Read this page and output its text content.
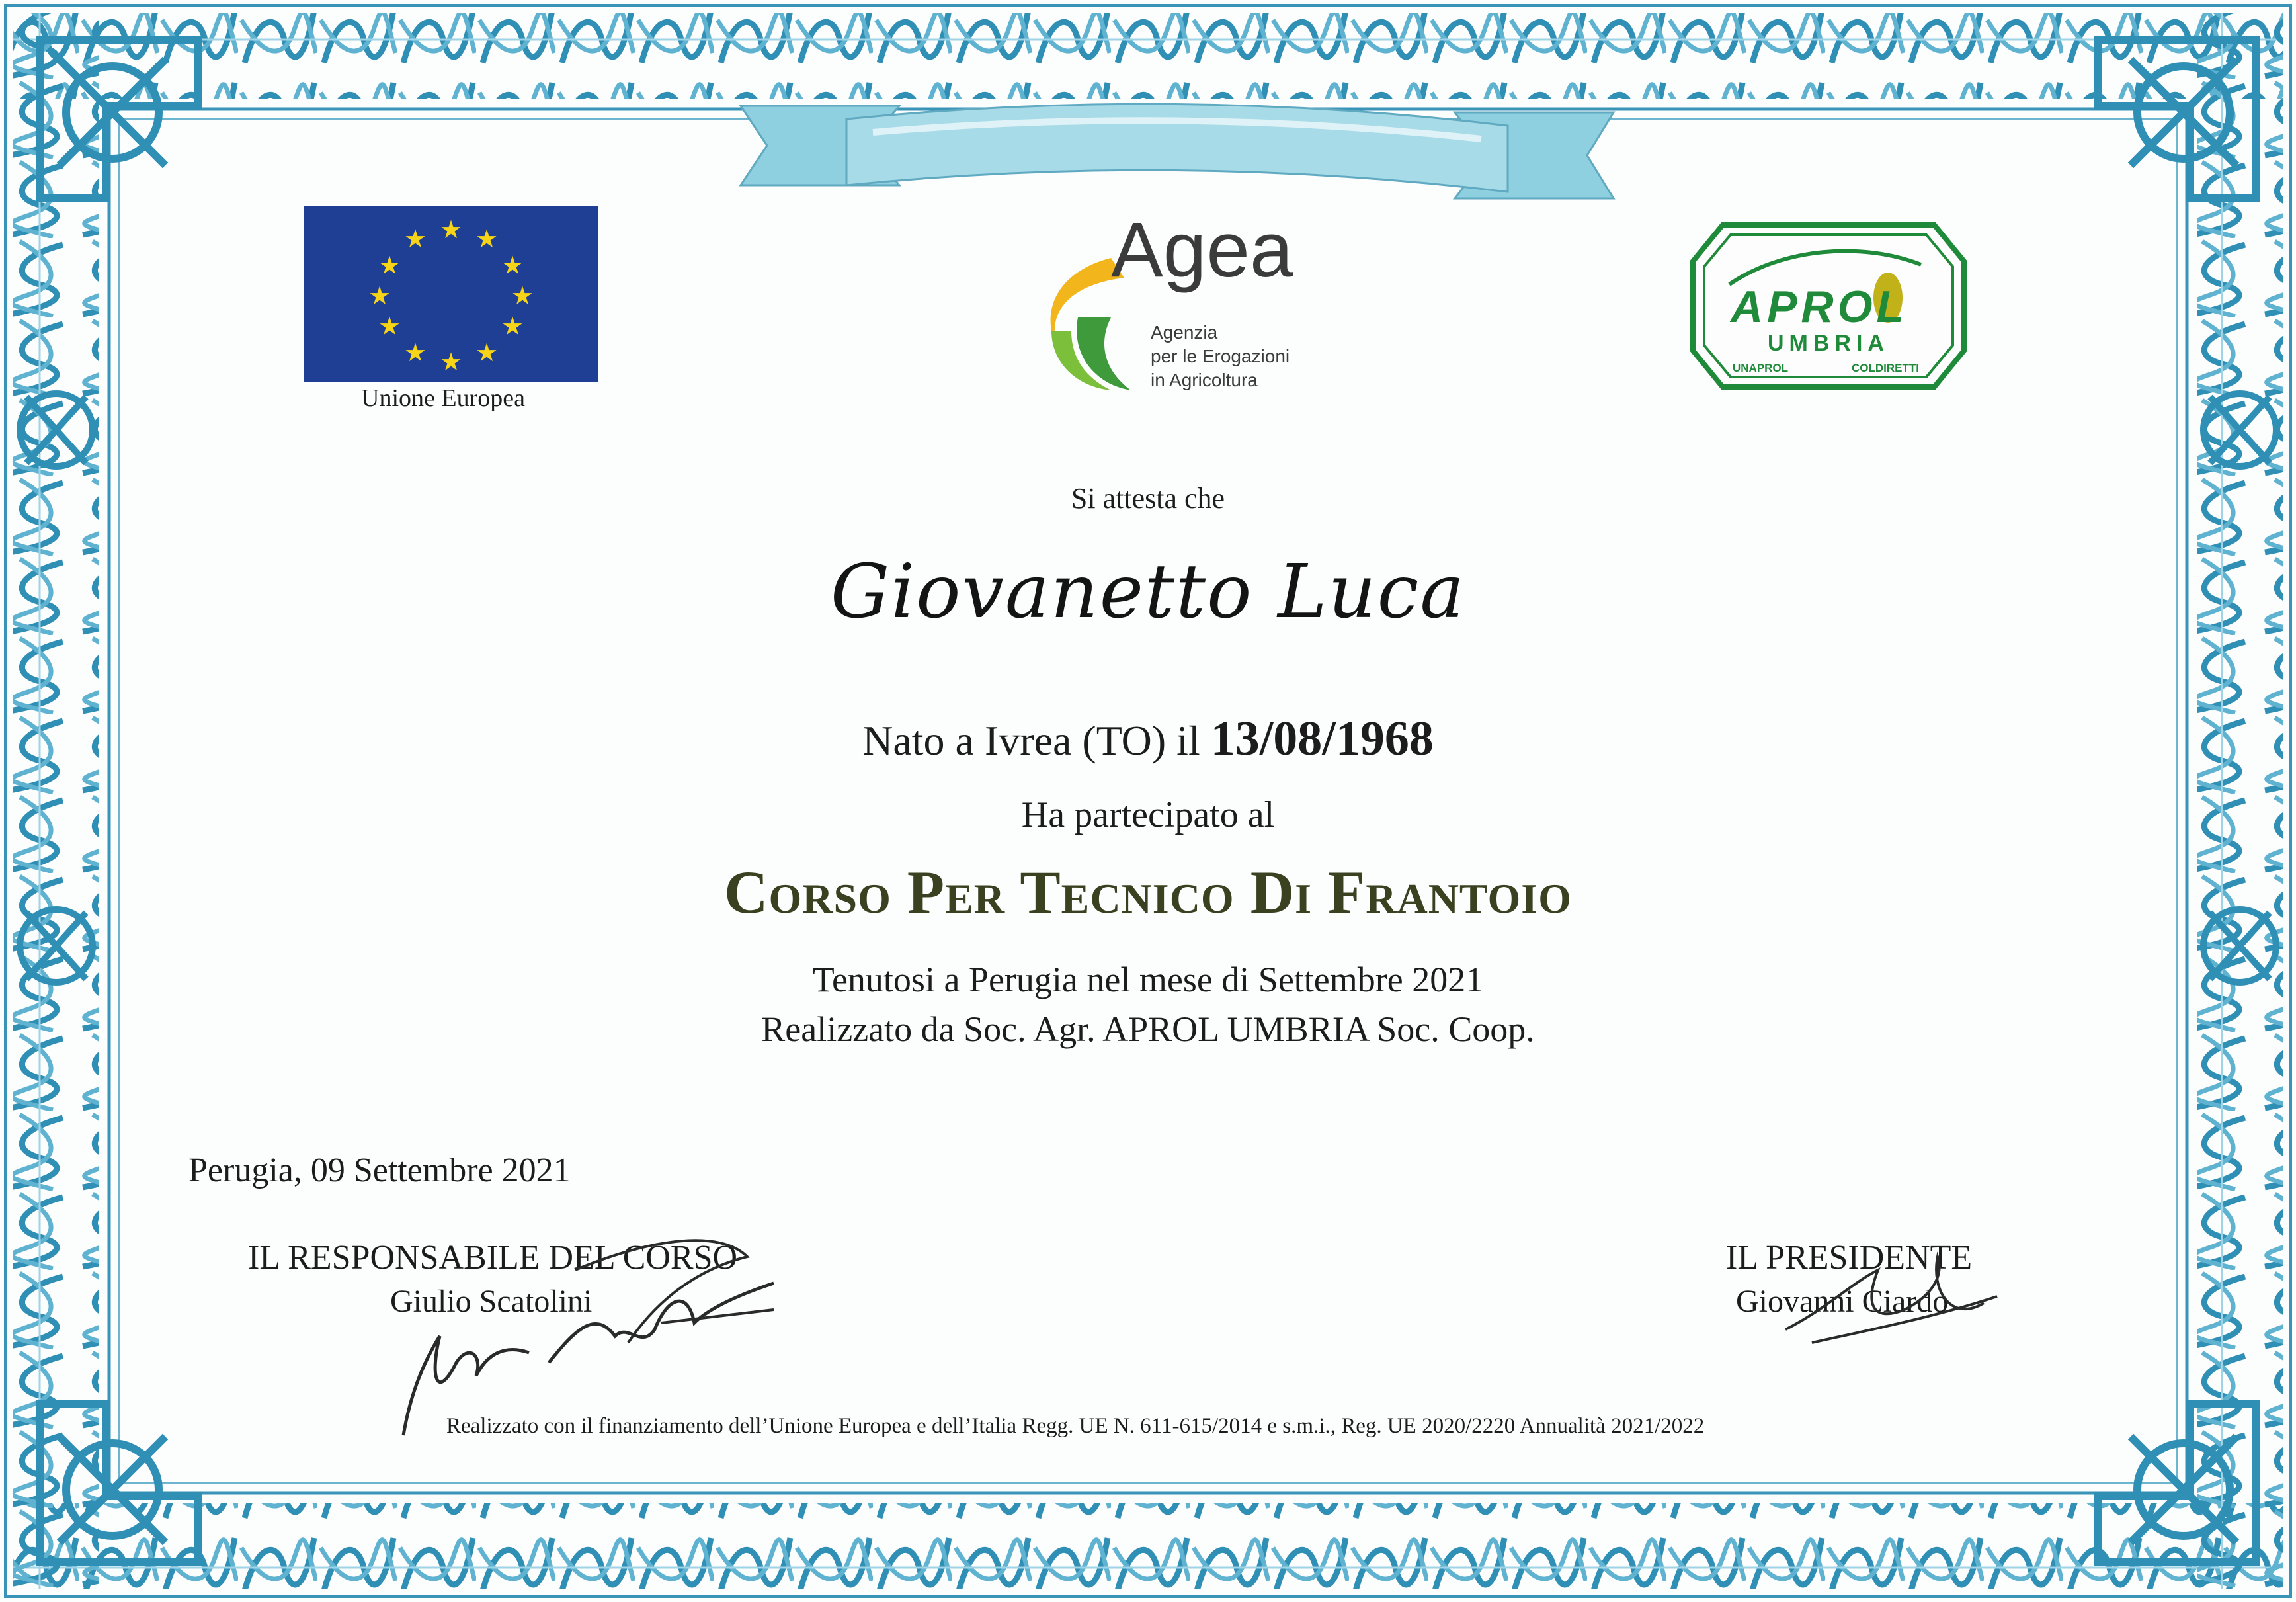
★ ★
★
★
★
★
★
★
★
★
★
★
Unione Europea
Agea
Agenzia
per le Erogazioni
in Agricoltura
APROL
UMBRIA
UNAPROL	COLDIRETTI
Si attesta che
Giovanetto Luca
Nato a Ivrea (TO) il 13/08/1968
Ha partecipato al
Corso Per Tecnico Di Frantoio
Tenutosi a Perugia nel mese di Settembre 2021
Realizzato da Soc. Agr. APROL UMBRIA Soc. Coop.
Perugia, 09 Settembre 2021
IL RESPONSABILE DEL CORSO
Giulio Scatolini
IL PRESIDENTE
Giovanni Ciardo
Realizzato con il finanziamento dell’Unione Europea e dell’Italia Regg. UE N. 611-615/2014 e s.m.i., Reg. UE 2020/2220 Annualità 2021/2022
